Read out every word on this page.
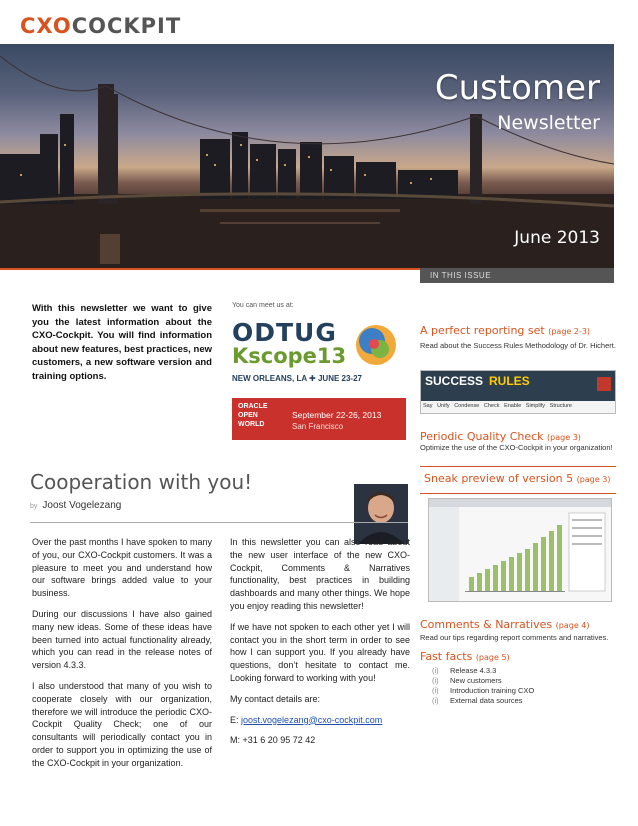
CXOCOCKPIT
Customer
Newsletter
June 2013
IN THIS ISSUE
With this newsletter we want to give you the latest information about the CXO-Cockpit. You will find information about new features, best practices, new customers, a new software version and training options.
You can meet us at:
ODTUG
Kscope13
NEW ORLEANS, LA ✚ JUNE 23-27
ORACLE OPEN WORLD
September 22-26, 2013
San Francisco
Cooperation with you!
by Joost Vogelezang

Over the past months I have spoken to many of you, our CXO-Cockpit customers. It was a pleasure to meet you and understand how our software brings added value to your business.

During our discussions I have also gained many new ideas. Some of these ideas have been turned into actual functionality already, which you can read in the release notes of version 4.3.3.

I also understood that many of you wish to cooperate closely with our organization, therefore we will introduce the periodic CXO-Cockpit Quality Check; one of our consultants will periodically contact you in order to support you in optimizing the use of the CXO-Cockpit in your organization.

In this newsletter you can also read about the new user interface of the new CXO-Cockpit, Comments & Narratives functionality, best practices in building dashboards and many other things. We hope you enjoy reading this newsletter!

If we have not spoken to each other yet I will contact you in the short term in order to see how I can support you. If you already have questions, don’t hesitate to contact me. Looking forward to working with you!

My contact details are:

E: joost.vogelezang@cxo-cockpit.com

M: +31 6 20 95 72 42

A perfect reporting set (page 2-3)
Read about the Success Rules Methodology of Dr. Hichert.
SUCCESS RULES
Say Unify Condense Check Enable Simplify Structure
Periodic Quality Check (page 3)
Optimize the use of the CXO-Cockpit in your organization!
Sneak preview of version 5 (page 3)
Comments & Narratives (page 4)
Read our tips regarding report comments and narratives.
Fast facts (page 5)
(i) Release 4.3.3
(i) New customers
(i) Introduction training CXO
(i) External data sources
